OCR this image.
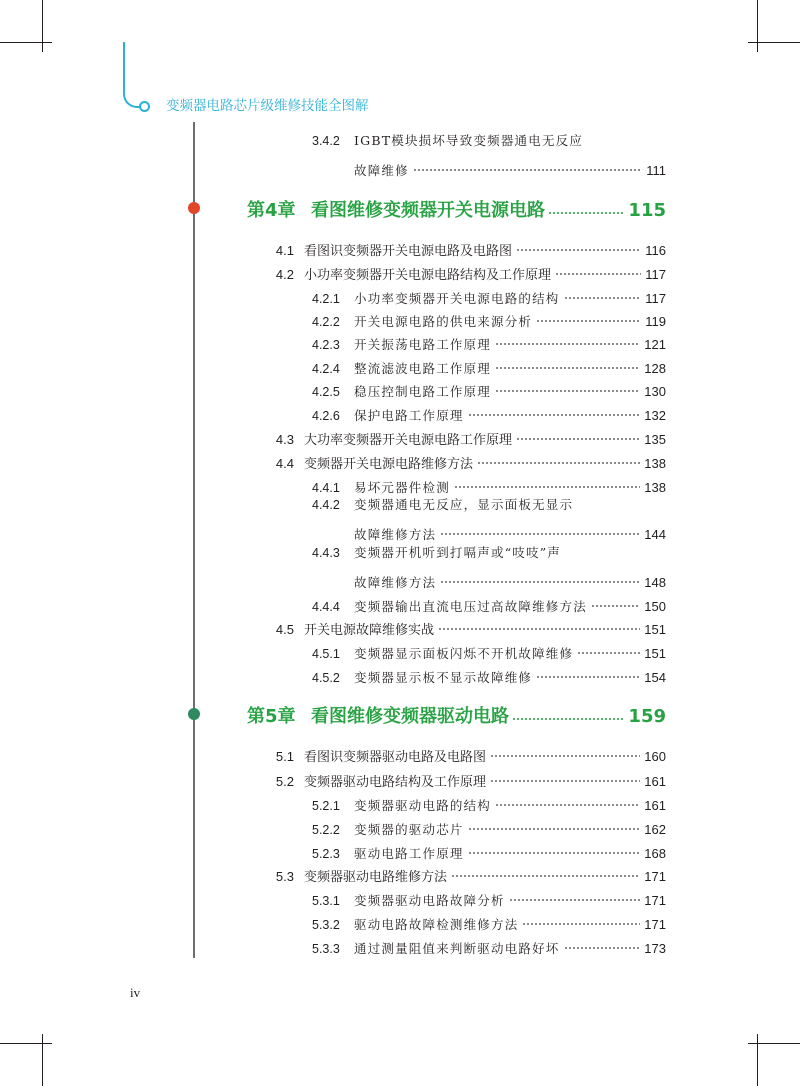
变频器电路芯片级维修技能全图解
3.4.2	IGBT模块损坏导致变频器通电无反应
故障维修	111
第4章 看图维修变频器开关电源电路	115
4.1 看图识变频器开关电源电路及电路图	116
4.2 小功率变频器开关电源电路结构及工作原理	117
4.2.1	小功率变频器开关电源电路的结构	117
4.2.2	开关电源电路的供电来源分析	119
4.2.3	开关振荡电路工作原理	121
4.2.4	整流滤波电路工作原理	128
4.2.5	稳压控制电路工作原理	130
4.2.6	保护电路工作原理	132
4.3 大功率变频器开关电源电路工作原理	135
4.4 变频器开关电源电路维修方法	138
4.4.1	易坏元器件检测	138
4.4.2	变频器通电无反应，显示面板无显示
故障维修方法	144
4.4.3	变频器开机听到打嗝声或“吱吱”声
故障维修方法	148
4.4.4	变频器输出直流电压过高故障维修方法	150
4.5 开关电源故障维修实战	151
4.5.1	变频器显示面板闪烁不开机故障维修	151
4.5.2	变频器显示板不显示故障维修	154
第5章 看图维修变频器驱动电路	159
5.1 看图识变频器驱动电路及电路图	160
5.2 变频器驱动电路结构及工作原理	161
5.2.1	变频器驱动电路的结构	161
5.2.2	变频器的驱动芯片	162
5.2.3	驱动电路工作原理	168
5.3 变频器驱动电路维修方法	171
5.3.1	变频器驱动电路故障分析	171
5.3.2	驱动电路故障检测维修方法	171
5.3.3	通过测量阻值来判断驱动电路好坏	173
iv
